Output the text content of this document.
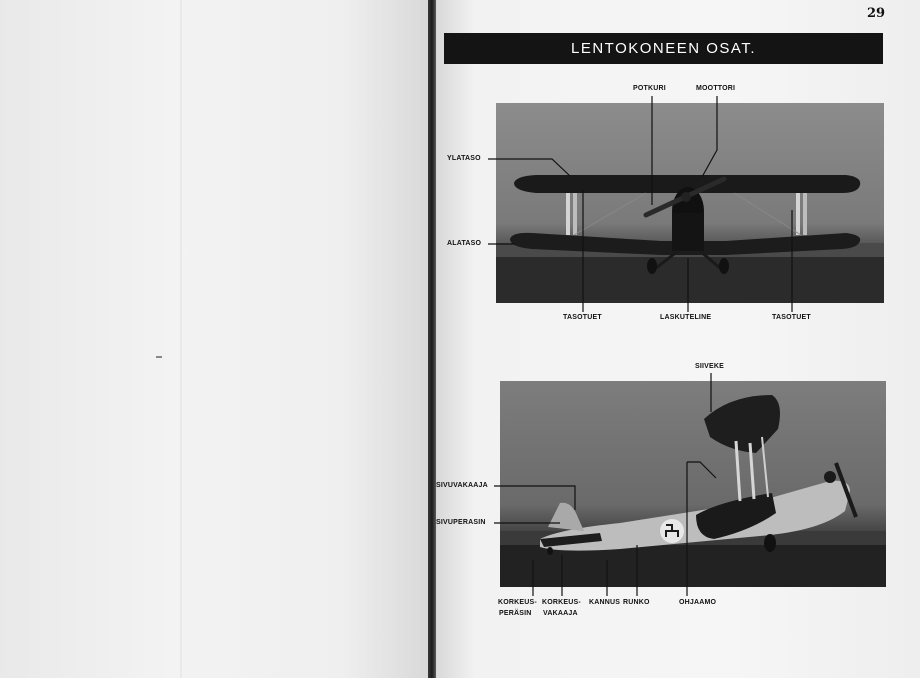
29
LENTOKONEEN OSAT.
POTKURI	MOOTTORI
YLATASO
ALATASO
TASOTUET	LASKUTELINE	TASOTUET
SIIVEKE
SIVUVAKAAJA
SIVUPERASIN
KORKEUS-
PERÄSIN
KORKEUS-
VAKAAJA
KANNUS RUNKO	OHJAAMO
